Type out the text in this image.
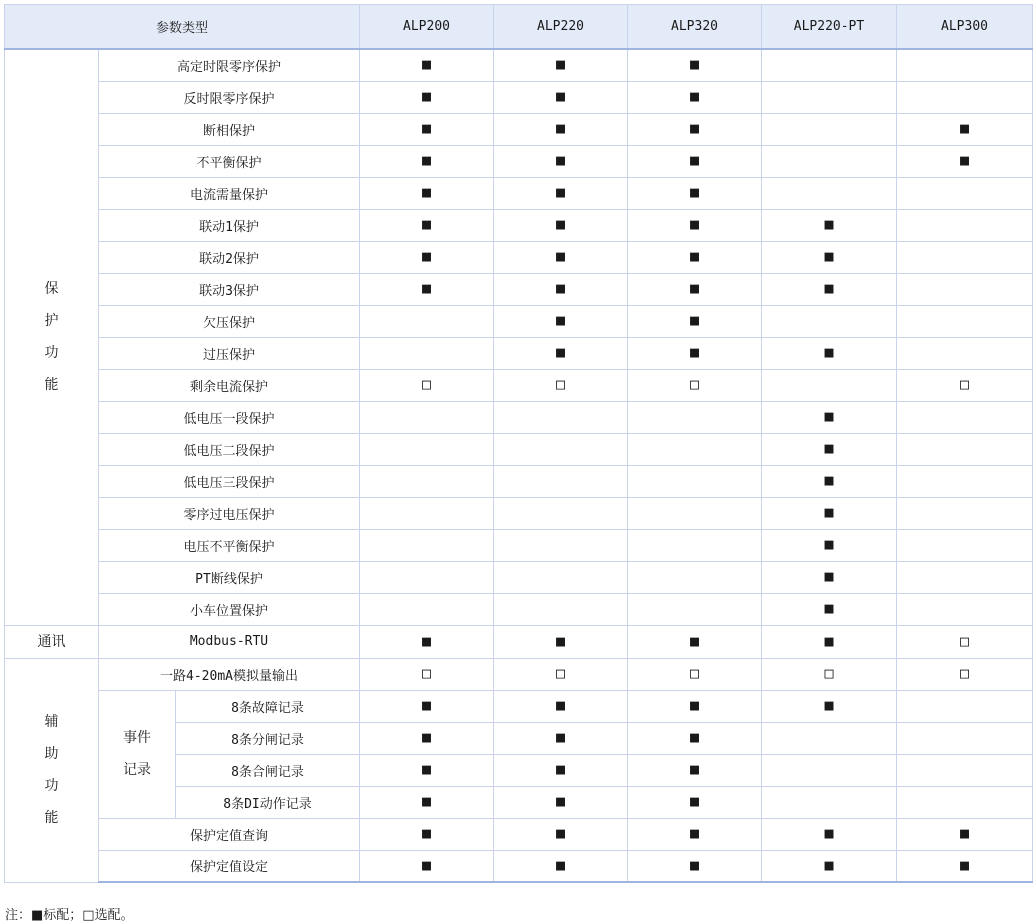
参数类型			ALP200	ALP220	ALP320	ALP220-PT	ALP300
保
护
功
能	高定时限零序保护		■	■	■		
	反时限零序保护		■	■	■		
	断相保护		■	■	■		■
	不平衡保护		■	■	■		■
	电流需量保护		■	■	■		
	联动1保护		■	■	■	■	
	联动2保护		■	■	■	■	
	联动3保护		■	■	■	■	
	欠压保护			■	■		
	过压保护			■	■	■	
	剩余电流保护		□	□	□		□
	低电压一段保护					■	
	低电压二段保护					■	
	低电压三段保护					■	
	零序过电压保护					■	
	电压不平衡保护					■	
	PT断线保护					■	
	小车位置保护					■	
通讯	Modbus-RTU		■	■	■	■	□
辅
助
功
能	一路4-20mA模拟量输出		□	□	□	□	□
	事件
记录	8条故障记录	■	■	■	■	
		8条分闸记录	■	■	■		
		8条合闸记录	■	■	■		
		8条DI动作记录	■	■	■		
	保护定值查询		■	■	■	■	■
	保护定值设定		■	■	■	■	■
注：■标配；□选配。
